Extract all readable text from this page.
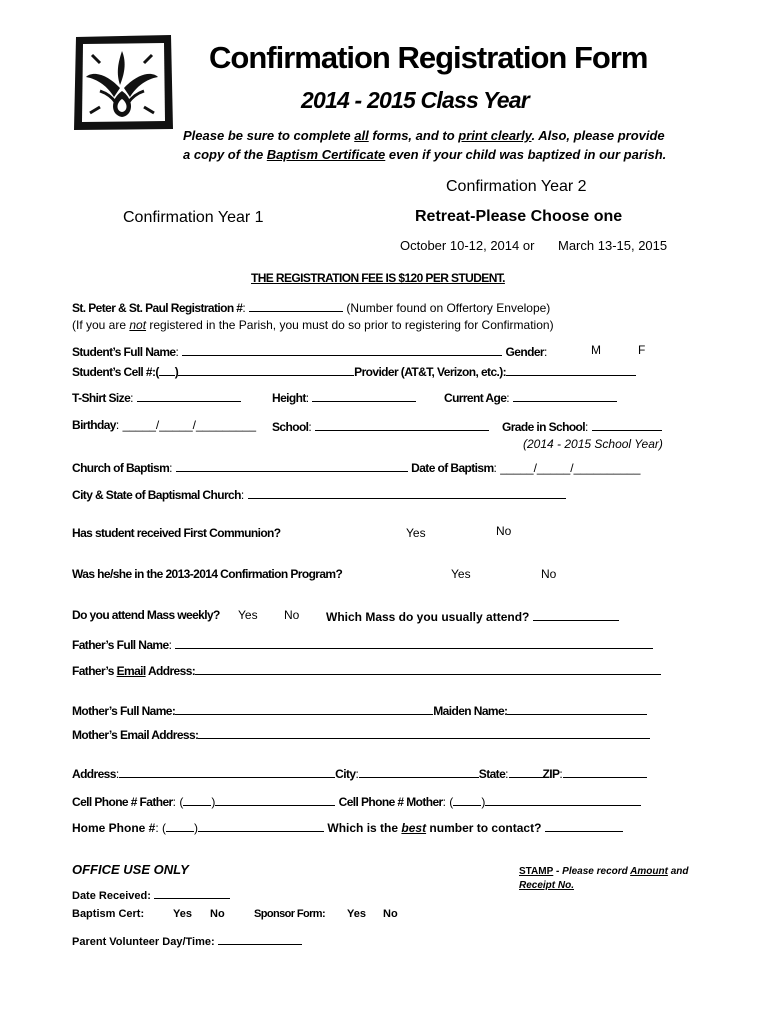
Confirmation Registration Form
2014 - 2015 Class Year
Please be sure to complete all forms, and to print clearly. Also, please provide
a copy of the Baptism Certificate even if your child was baptized in our parish.
Confirmation Year 2
Confirmation Year 1	Retreat-Please Choose one
October 10-12, 2014 or March 13-15, 2015
THE REGISTRATION FEE IS $120 PER STUDENT.
St. Peter & St. Paul Registration #:	(Number found on Offertory Envelope)
(If you are not registered in the Parish, you must do so prior to registering for Confirmation)
Student’s Full Name:	Gender:	M	F
Student’s Cell #:( )	Provider (AT&T, Verizon, etc.):
T-Shirt Size:	Height:	Current Age:
Birthday: _____/_____/_________ School:	Grade in School:
(2014 - 2015 School Year)
Church of Baptism:	Date of Baptism: _____/_____/__________
City & State of Baptismal Church:
Has student received First Communion?	Yes	No
Was he/she in the 2013-2014 Confirmation Program?	Yes	No
Do you attend Mass weekly? Yes No Which Mass do you usually attend?
Father’s Full Name:
Father’s Email Address:
Mother’s Full Name:	Maiden Name:
Mother’s Email Address:
Address:	City:	State:	ZIP:
Cell Phone # Father: ( )	Cell Phone # Mother: ( )
Home Phone #: ( )	Which is the best number to contact?
OFFICE USE ONLY
Date Received:
Baptism Cert:	Yes No	Sponsor Form: Yes No
Parent Volunteer Day/Time:
STAMP - Please record Amount and
Receipt No.
